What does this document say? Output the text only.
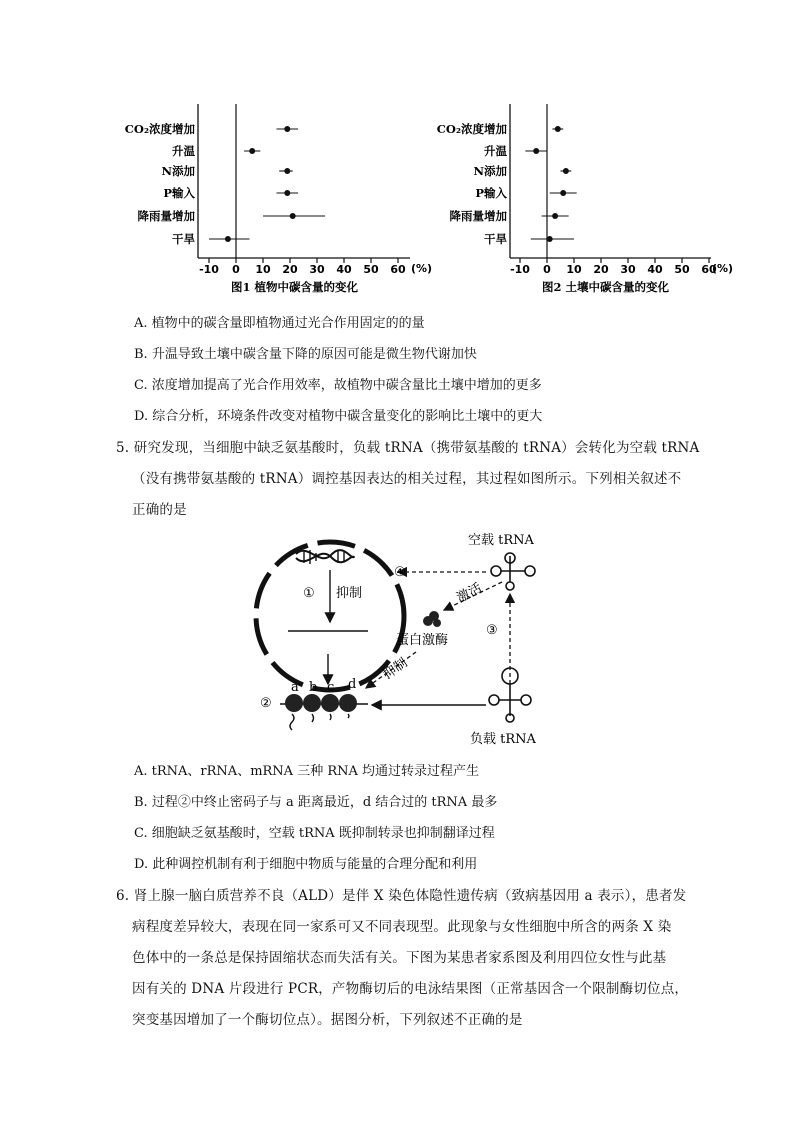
CO₂浓度增加
升温
N添加
P输入
降雨量增加
干旱
-10 0 10 20 30 40 50 60 (%)
图1 植物中碳含量的变化
CO₂浓度增加
升温
N添加
P输入
降雨量增加
干旱
-10 0 10 20 30 40 50 60
(%)
图2 土壤中碳含量的变化
A. 植物中的碳含量即植物通过光合作用固定的的量
B. 升温导致土壤中碳含量下降的原因可能是微生物代谢加快
C. 浓度增加提高了光合作用效率，故植物中碳含量比土壤中增加的更多
D. 综合分析，环境条件改变对植物中碳含量变化的影响比土壤中的更大
5. 研究发现，当细胞中缺乏氨基酸时，负载 tRNA（携带氨基酸的 tRNA）会转化为空载 tRNA
（没有携带氨基酸的 tRNA）调控基因表达的相关过程，其过程如图所示。下列相关叙述不
正确的是
① 抑制
②
a b c d
空载 tRNA
④
激活
蛋白激酶
抑制
③
负载 tRNA
A. tRNA、rRNA、mRNA 三种 RNA 均通过转录过程产生
B. 过程②中终止密码子与 a 距离最近，d 结合过的 tRNA 最多
C. 细胞缺乏氨基酸时，空载 tRNA 既抑制转录也抑制翻译过程
D. 此种调控机制有利于细胞中物质与能量的合理分配和利用
6. 肾上腺一脑白质营养不良（ALD）是伴 X 染色体隐性遗传病（致病基因用 a 表示），患者发
病程度差异较大，表现在同一家系可又不同表现型。此现象与女性细胞中所含的两条 X 染
色体中的一条总是保持固缩状态而失活有关。下图为某患者家系图及利用四位女性与此基
因有关的 DNA 片段进行 PCR，产物酶切后的电泳结果图（正常基因含一个限制酶切位点，
突变基因增加了一个酶切位点）。据图分析，下列叙述不正确的是
